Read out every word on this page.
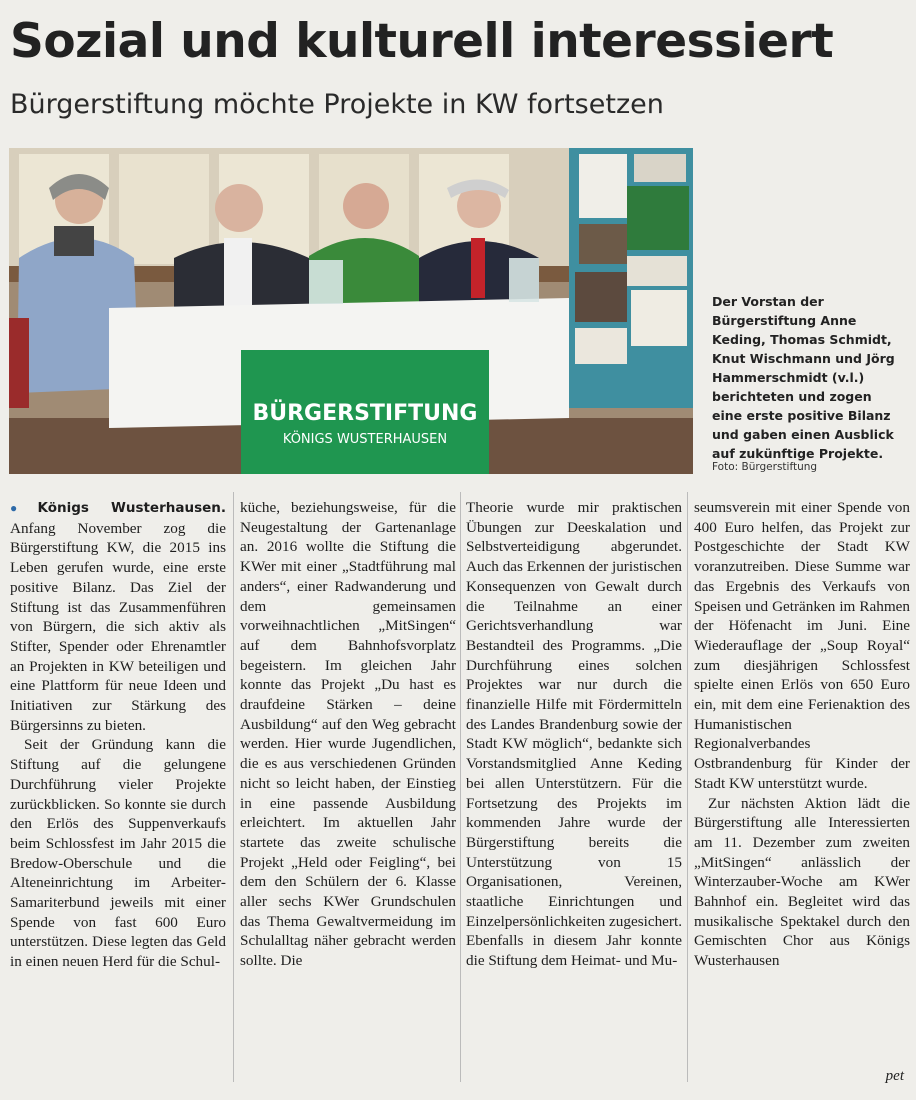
Sozial und kulturell interessiert
Bürgerstiftung möchte Projekte in KW fortsetzen
BÜRGERSTIFTUNG
KÖNIGS WUSTERHAUSEN

Der Vorstan der Bürgerstiftung Anne Keding, Thomas Schmidt, Knut Wischmann und Jörg Hammerschmidt (v.l.) berichteten und zogen eine erste positive Bilanz und gaben einen Ausblick auf zukünftige Projekte.

Foto: Bürgerstiftung

● Königs Wusterhausen. Anfang November zog die Bürgerstiftung KW, die 2015 ins Leben gerufen wurde, eine erste positive Bilanz. Das Ziel der Stiftung ist das Zusammenführen von Bürgern, die sich aktiv als Stifter, Spender oder Ehrenamtler an Projekten in KW beteiligen und eine Plattform für neue Ideen und Initiativen zur Stärkung des Bürgersinns zu bieten.

Seit der Gründung kann die Stiftung auf die gelungene Durchführung vieler Projekte zurückblicken. So konnte sie durch den Erlös des Suppenverkaufs beim Schlossfest im Jahr 2015 die Bredow-Oberschule und die Alteneinrichtung im Arbeiter-Samariterbund jeweils mit einer Spende von fast 600 Euro unterstützen. Diese legten das Geld in einen neuen Herd für die Schul-

küche, beziehungsweise, für die Neugestaltung der Gartenanlage an. 2016 wollte die Stiftung die KWer mit einer „Stadtführung mal anders“, einer Radwanderung und dem gemeinsamen vorweihnachtlichen „MitSingen“ auf dem Bahnhofsvorplatz begeistern. Im gleichen Jahr konnte das Projekt „Du hast es draufdeine Stärken – deine Ausbildung“ auf den Weg gebracht werden. Hier wurde Jugendlichen, die es aus verschiedenen Gründen nicht so leicht haben, der Einstieg in eine passende Ausbildung erleichtert. Im aktuellen Jahr startete das zweite schulische Projekt „Held oder Feigling“, bei dem den Schülern der 6. Klasse aller sechs KWer Grundschulen das Thema Gewaltvermeidung im Schulalltag näher gebracht werden sollte. Die

Theorie wurde mir praktischen Übungen zur Deeskalation und Selbstverteidigung abgerundet. Auch das Erkennen der juristischen Konsequenzen von Gewalt durch die Teilnahme an einer Gerichtsverhandlung war Bestandteil des Programms. „Die Durchführung eines solchen Projektes war nur durch die finanzielle Hilfe mit Fördermitteln des Landes Brandenburg sowie der Stadt KW möglich“, bedankte sich Vorstandsmitglied Anne Keding bei allen Unterstützern. Für die Fortsetzung des Projekts im kommenden Jahre wurde der Bürgerstiftung bereits die Unterstützung von 15 Organisationen, Vereinen, staatliche Einrichtungen und Einzelpersönlichkeiten zugesichert. Ebenfalls in diesem Jahr konnte die Stiftung dem Heimat- und Mu-

seumsverein mit einer Spende von 400 Euro helfen, das Projekt zur Postgeschichte der Stadt KW voranzutreiben. Diese Summe war das Ergebnis des Verkaufs von Speisen und Getränken im Rahmen der Höfenacht im Juni. Eine Wiederauflage der „Soup Royal“ zum diesjährigen Schlossfest spielte einen Erlös von 650 Euro ein, mit dem eine Ferienaktion des Humanistischen Regionalverbandes Ostbrandenburg für Kinder der Stadt KW unterstützt wurde.

Zur nächsten Aktion lädt die Bürgerstiftung alle Interessierten am 11. Dezember zum zweiten „MitSingen“ anlässlich der Winterzauber-Woche am KWer Bahnhof ein. Begleitet wird das musikalische Spektakel durch den Gemischten Chor aus Königs Wusterhausen

pet
